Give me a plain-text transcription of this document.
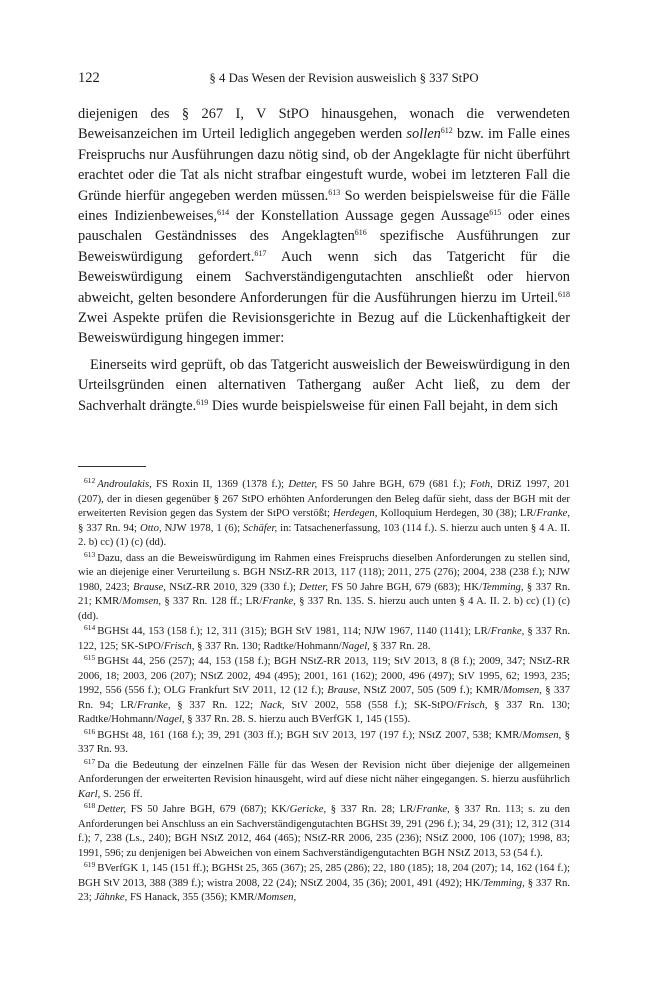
122	§ 4 Das Wesen der Revision ausweislich § 337 StPO

diejenigen des § 267 I, V StPO hinausgehen, wonach die verwendeten Beweisanzeichen im Urteil lediglich angegeben werden sollen$^{612}$ bzw. im Falle eines Freispruchs nur Ausführungen dazu nötig sind, ob der Angeklagte für nicht überführt erachtet oder die Tat als nicht strafbar eingestuft wurde, wobei im letzteren Fall die Gründe hierfür angegeben werden müssen.$^{613}$ So werden beispielsweise für die Fälle eines Indizienbeweises,$^{614}$ der Konstellation Aussage gegen Aussage$^{615}$ oder eines pauschalen Geständnisses des Angeklagten$^{616}$ spezifische Ausführungen zur Beweiswürdigung gefordert.$^{617}$ Auch wenn sich das Tatgericht für die Beweiswürdigung einem Sachverständigengutachten anschließt oder hiervon abweicht, gelten besondere Anforderungen für die Ausführungen hierzu im Urteil.$^{618}$ Zwei Aspekte prüfen die Revisionsgerichte in Bezug auf die Lückenhaftigkeit der Beweiswürdigung hingegen immer:

Einerseits wird geprüft, ob das Tatgericht ausweislich der Beweiswürdigung in den Urteilsgründen einen alternativen Tathergang außer Acht ließ, zu dem der Sachverhalt drängte.$^{619}$ Dies wurde beispielsweise für einen Fall bejaht, in dem sich

$^{612}$ Androulakis, FS Roxin II, 1369 (1378 f.); Detter, FS 50 Jahre BGH, 679 (681 f.); Foth, DRiZ 1997, 201 (207), der in diesen gegenüber § 267 StPO erhöhten Anforderungen den Beleg dafür sieht, dass der BGH mit der erweiterten Revision gegen das System der StPO verstößt; Herdegen, Kolloquium Herdegen, 30 (38); LR/Franke, § 337 Rn. 94; Otto, NJW 1978, 1 (6); Schäfer, in: Tatsachenerfassung, 103 (114 f.). S. hierzu auch unten § 4 A. II. 2. b) cc) (1) (c) (dd).

$^{613}$ Dazu, dass an die Beweiswürdigung im Rahmen eines Freispruchs dieselben Anforderungen zu stellen sind, wie an diejenige einer Verurteilung s. BGH NStZ-RR 2013, 117 (118); 2011, 275 (276); 2004, 238 (238 f.); NJW 1980, 2423; Brause, NStZ-RR 2010, 329 (330 f.); Detter, FS 50 Jahre BGH, 679 (683); HK/Temming, § 337 Rn. 21; KMR/Momsen, § 337 Rn. 128 ff.; LR/Franke, § 337 Rn. 135. S. hierzu auch unten § 4 A. II. 2. b) cc) (1) (c) (dd).

$^{614}$ BGHSt 44, 153 (158 f.); 12, 311 (315); BGH StV 1981, 114; NJW 1967, 1140 (1141); LR/Franke, § 337 Rn. 122, 125; SK-StPO/Frisch, § 337 Rn. 130; Radtke/Hohmann/Nagel, § 337 Rn. 28.

$^{615}$ BGHSt 44, 256 (257); 44, 153 (158 f.); BGH NStZ-RR 2013, 119; StV 2013, 8 (8 f.); 2009, 347; NStZ-RR 2006, 18; 2003, 206 (207); NStZ 2002, 494 (495); 2001, 161 (162); 2000, 496 (497); StV 1995, 62; 1993, 235; 1992, 556 (556 f.); OLG Frankfurt StV 2011, 12 (12 f.); Brause, NStZ 2007, 505 (509 f.); KMR/Momsen, § 337 Rn. 94; LR/Franke, § 337 Rn. 122; Nack, StV 2002, 558 (558 f.); SK-StPO/Frisch, § 337 Rn. 130; Radtke/Hohmann/Nagel, § 337 Rn. 28. S. hierzu auch BVerfGK 1, 145 (155).

$^{616}$ BGHSt 48, 161 (168 f.); 39, 291 (303 ff.); BGH StV 2013, 197 (197 f.); NStZ 2007, 538; KMR/Momsen, § 337 Rn. 93.

$^{617}$ Da die Bedeutung der einzelnen Fälle für das Wesen der Revision nicht über diejenige der allgemeinen Anforderungen der erweiterten Revision hinausgeht, wird auf diese nicht näher eingegangen. S. hierzu ausführlich Karl, S. 256 ff.

$^{618}$ Detter, FS 50 Jahre BGH, 679 (687); KK/Gericke, § 337 Rn. 28; LR/Franke, § 337 Rn. 113; s. zu den Anforderungen bei Anschluss an ein Sachverständigengutachten BGHSt 39, 291 (296 f.); 34, 29 (31); 12, 312 (314 f.); 7, 238 (Ls., 240); BGH NStZ 2012, 464 (465); NStZ-RR 2006, 235 (236); NStZ 2000, 106 (107); 1998, 83; 1991, 596; zu denjenigen bei Abweichen von einem Sachverständigengutachten BGH NStZ 2013, 53 (54 f.).

$^{619}$ BVerfGK 1, 145 (151 ff.); BGHSt 25, 365 (367); 25, 285 (286); 22, 180 (185); 18, 204 (207); 14, 162 (164 f.); BGH StV 2013, 388 (389 f.); wistra 2008, 22 (24); NStZ 2004, 35 (36); 2001, 491 (492); HK/Temming, § 337 Rn. 23; Jähnke, FS Hanack, 355 (356); KMR/Momsen,
